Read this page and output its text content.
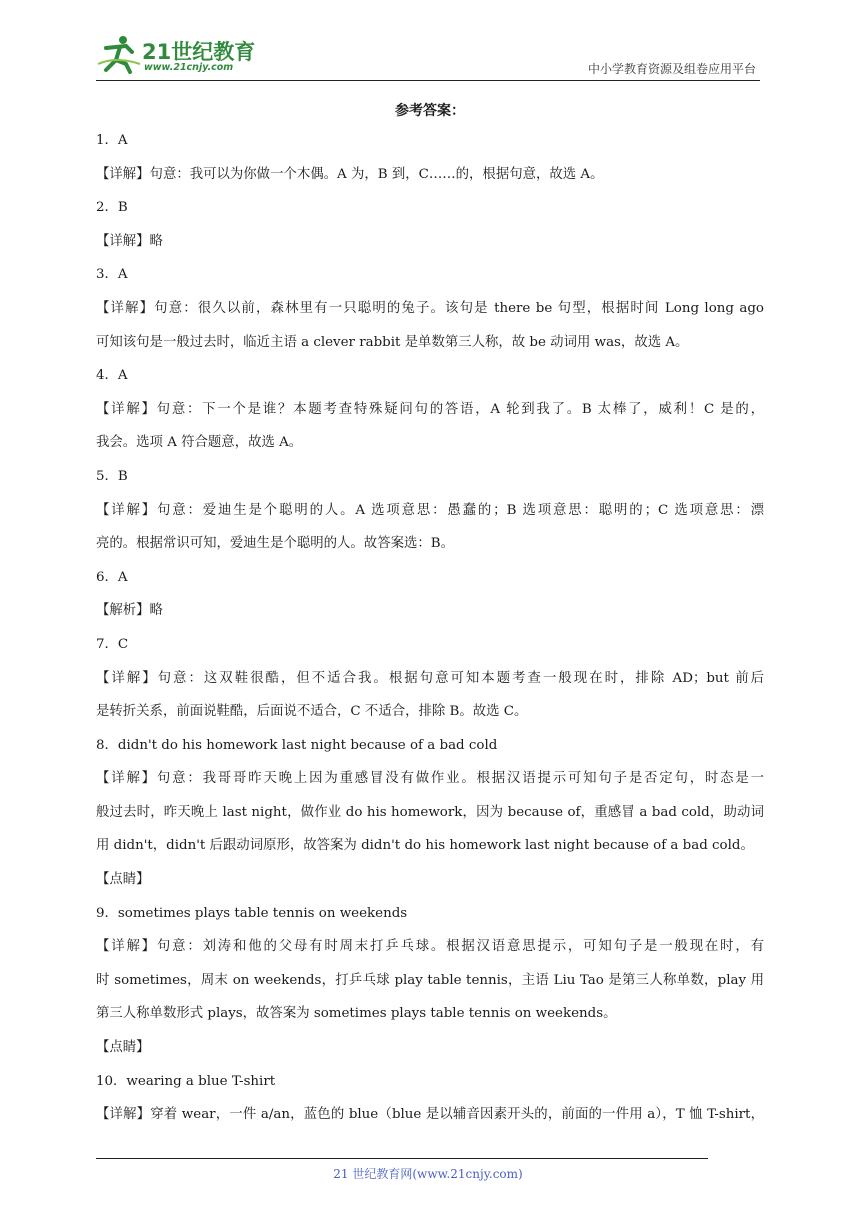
21世纪教育
www.21cnjy.com	中小学教育资源及组卷应用平台
参考答案：
1．A
【详解】句意：我可以为你做一个木偶。A 为，B 到，C……的，根据句意，故选 A。
2．B
【详解】略
3．A
【详解】句意：很久以前，森林里有一只聪明的兔子。该句是 there be 句型，根据时间 Long long ago
可知该句是一般过去时，临近主语 a clever rabbit 是单数第三人称，故 be 动词用 was，故选 A。
4．A
【详解】句意：下一个是谁？本题考查特殊疑问句的答语，A 轮到我了。B 太棒了，威利！C 是的，
我会。选项 A 符合题意，故选 A。
5．B
【详解】句意：爱迪生是个聪明的人。A 选项意思：愚蠢的；B 选项意思：聪明的；C 选项意思：漂
亮的。根据常识可知，爱迪生是个聪明的人。故答案选：B。
6．A
【解析】略
7．C
【详解】句意：这双鞋很酷，但不适合我。根据句意可知本题考查一般现在时，排除 AD；but 前后
是转折关系，前面说鞋酷，后面说不适合，C 不适合，排除 B。故选 C。
8．didn't do his homework last night because of a bad cold
【详解】句意：我哥哥昨天晚上因为重感冒没有做作业。根据汉语提示可知句子是否定句，时态是一
般过去时，昨天晚上 last night，做作业 do his homework，因为 because of，重感冒 a bad cold，助动词
用 didn't，didn't 后跟动词原形，故答案为 didn't do his homework last night because of a bad cold。
【点睛】
9．sometimes plays table tennis on weekends
【详解】句意：刘涛和他的父母有时周末打乒乓球。根据汉语意思提示，可知句子是一般现在时，有
时 sometimes，周末 on weekends，打乒乓球 play table tennis，主语 Liu Tao 是第三人称单数，play 用
第三人称单数形式 plays，故答案为 sometimes plays table tennis on weekends。
【点睛】
10．wearing a blue T-shirt
【详解】穿着 wear，一件 a/an，蓝色的 blue（blue 是以辅音因素开头的，前面的一件用 a），T 恤 T-shirt，
21 世纪教育网(www.21cnjy.com)
